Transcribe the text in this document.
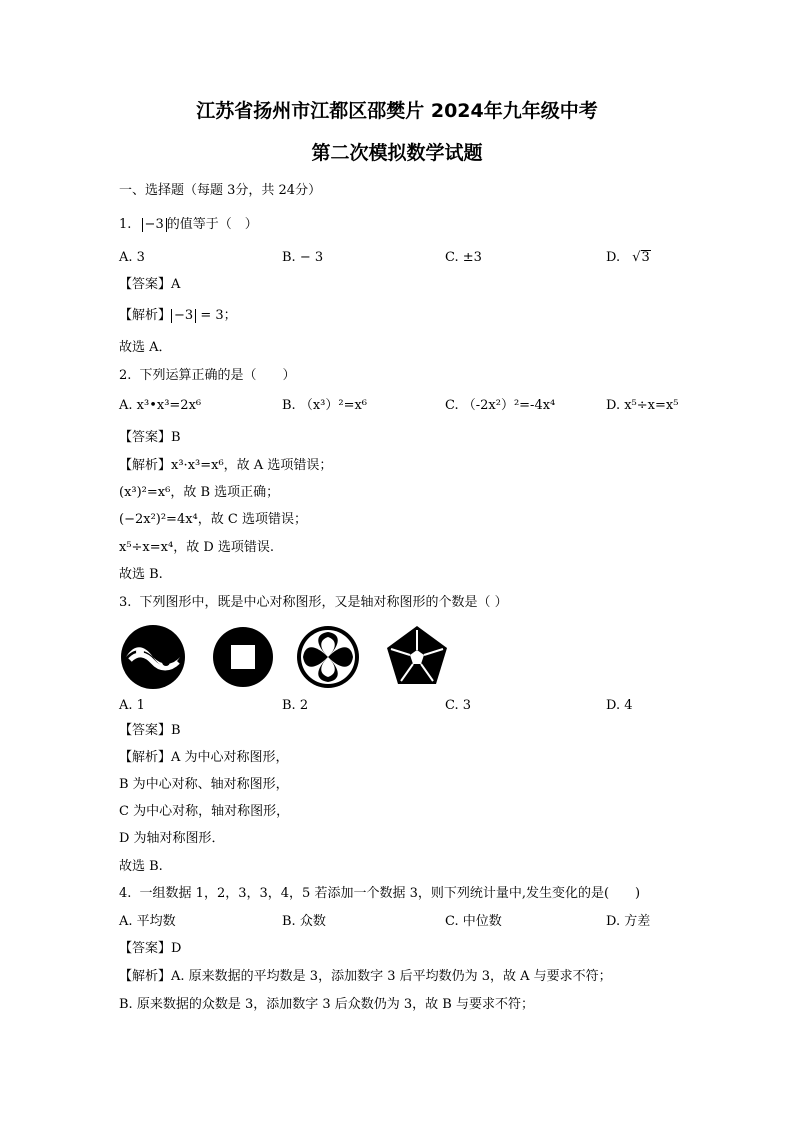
江苏省扬州市江都区邵樊片 2024年九年级中考
第二次模拟数学试题
一、选择题（每题 3分，共 24分）
1. −3 的值等于（　）
A. 3	B. − 3	C. ±3	D. √3
【答案】A
【解析】 −3 = 3；
故选 A．
2. 下列运算正确的是（　　）
A. x³•x³=2x⁶	B. （x³）²=x⁶	C. （-2x²）²=-4x⁴	D. x⁵÷x=x⁵
【答案】B
【解析】x³·x³=x⁶，故 A 选项错误；
(x³)²=x⁶，故 B 选项正确；
(−2x²)²=4x⁴，故 C 选项错误；
x⁵÷x=x⁴，故 D 选项错误.
故选 B.
3. 下列图形中，既是中心对称图形，又是轴对称图形的个数是（ ）
A. 1	B. 2	C. 3	D. 4
【答案】B
【解析】A 为中心对称图形，
B 为中心对称、轴对称图形，
C 为中心对称，轴对称图形，
D 为轴对称图形．
故选 B.
4. 一组数据 1，2，3，3，4，5 若添加一个数据 3，则下列统计量中,发生变化的是(　　)
A. 平均数	B. 众数	C. 中位数	D. 方差
【答案】D
【解析】A. 原来数据的平均数是 3，添加数字 3 后平均数仍为 3，故 A 与要求不符；
B. 原来数据的众数是 3，添加数字 3 后众数仍为 3，故 B 与要求不符；
